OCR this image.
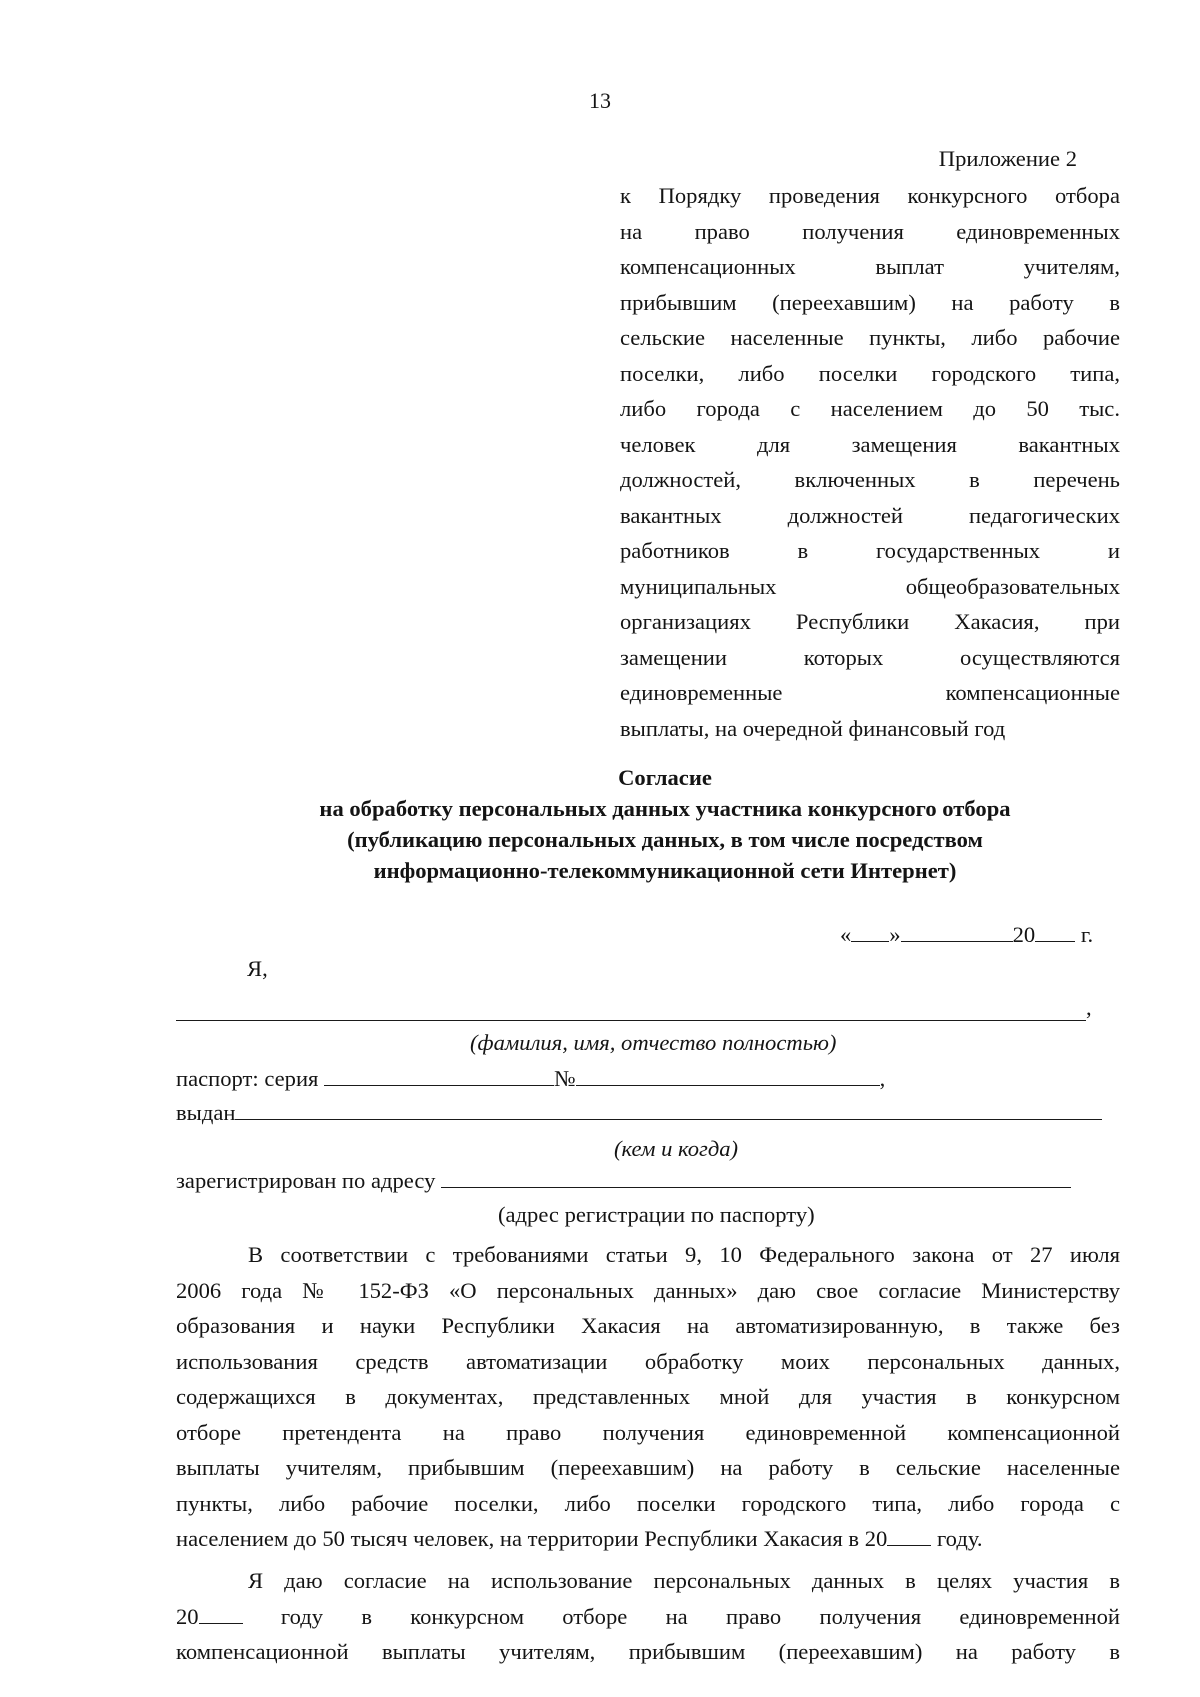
13
Приложение 2
к Порядку проведения конкурсного отбора
на право получения единовременных
компенсационных выплат учителям,
прибывшим (переехавшим) на работу в
сельские населенные пункты, либо рабочие
поселки, либо поселки городского типа,
либо города с населением до 50 тыс.
человек для замещения вакантных
должностей, включенных в перечень
вакантных должностей педагогических
работников в государственных и
муниципальных общеобразовательных
организациях Республики Хакасия, при
замещении которых осуществляются
единовременные компенсационные
выплаты, на очередной финансовый год
Согласие
на обработку персональных данных участника конкурсного отбора
(публикацию персональных данных, в том числе посредством
информационно-телекоммуникационной сети Интернет)
« »	20 г.
Я,
,
(фамилия, имя, отчество полностью)
паспорт: серия	№	,
выдан
(кем и когда)
зарегистрирован по адресу
(адрес регистрации по паспорту)
В соответствии с требованиями статьи 9, 10 Федерального закона от 27 июля
2006 года № 152-ФЗ «О персональных данных» даю свое согласие Министерству
образования и науки Республики Хакасия на автоматизированную, в также без
использования средств автоматизации обработку моих персональных данных,
содержащихся в документах, представленных мной для участия в конкурсном
отборе претендента на право получения единовременной компенсационной
выплаты учителям, прибывшим (переехавшим) на работу в сельские населенные
пункты, либо рабочие поселки, либо поселки городского типа, либо города с
населением до 50 тысяч человек, на территории Республики Хакасия в 20 году.
Я даю согласие на использование персональных данных в целях участия в
20	году в конкурсном отборе на право получения единовременной
компенсационной выплаты учителям, прибывшим (переехавшим) на работу в
